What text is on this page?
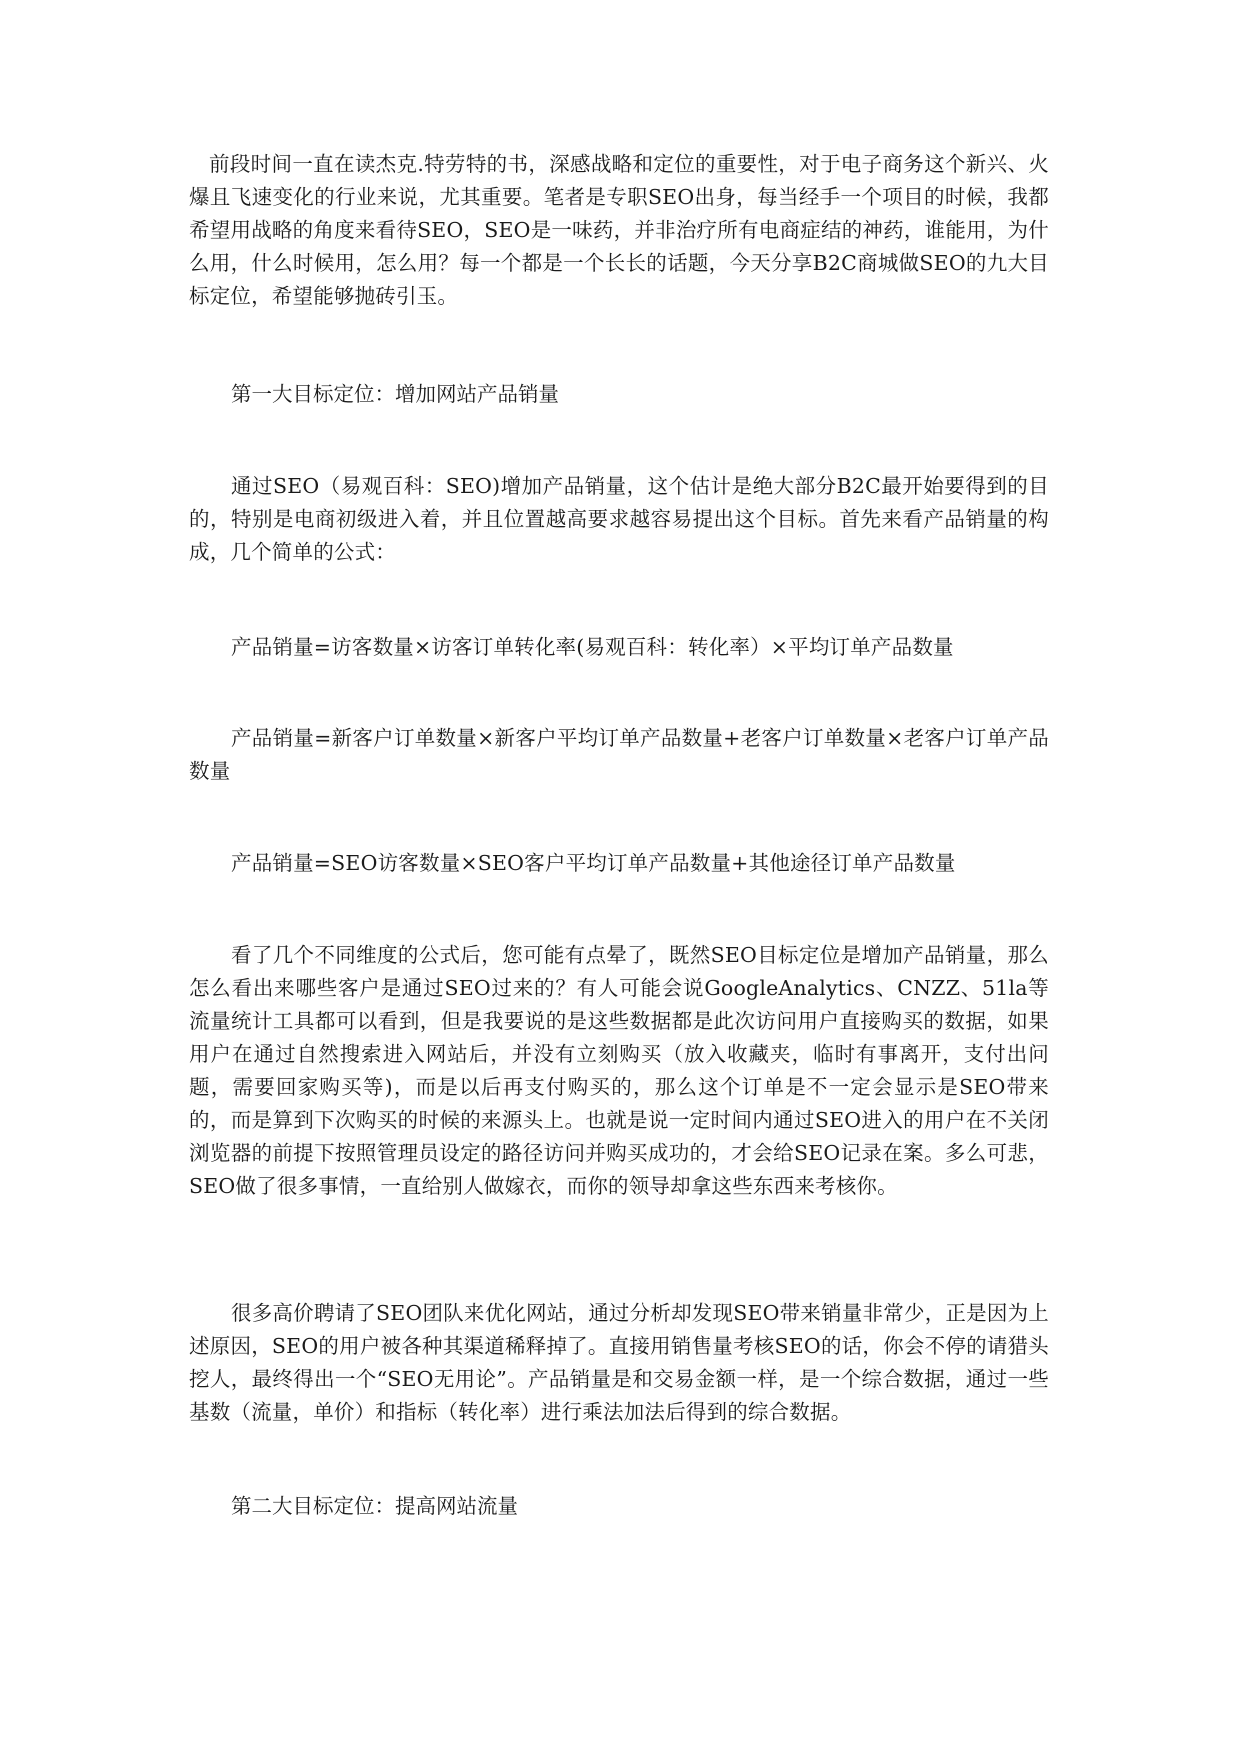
前段时间一直在读杰克.特劳特的书，深感战略和定位的重要性，对于电子商务这个新兴、火爆且飞速变化的行业来说，尤其重要。笔者是专职SEO出身，每当经手一个项目的时候，我都希望用战略的角度来看待SEO，SEO是一味药，并非治疗所有电商症结的神药，谁能用，为什么用，什么时候用，怎么用？每一个都是一个长长的话题，今天分享B2C商城做SEO的九大目标定位，希望能够抛砖引玉。

第一大目标定位：增加网站产品销量

通过SEO（易观百科：SEO)增加产品销量，这个估计是绝大部分B2C最开始要得到的目的，特别是电商初级进入着，并且位置越高要求越容易提出这个目标。首先来看产品销量的构成，几个简单的公式：

产品销量=访客数量×访客订单转化率(易观百科：转化率）×平均订单产品数量

产品销量=新客户订单数量×新客户平均订单产品数量+老客户订单数量×老客户订单产品数量

产品销量=SEO访客数量×SEO客户平均订单产品数量+其他途径订单产品数量

看了几个不同维度的公式后，您可能有点晕了，既然SEO目标定位是增加产品销量，那么怎么看出来哪些客户是通过SEO过来的？有人可能会说GoogleAnalytics、CNZZ、51la等流量统计工具都可以看到，但是我要说的是这些数据都是此次访问用户直接购买的数据，如果用户在通过自然搜索进入网站后，并没有立刻购买（放入收藏夹，临时有事离开，支付出问题，需要回家购买等)，而是以后再支付购买的，那么这个订单是不一定会显示是SEO带来的，而是算到下次购买的时候的来源头上。也就是说一定时间内通过SEO进入的用户在不关闭浏览器的前提下按照管理员设定的路径访问并购买成功的，才会给SEO记录在案。多么可悲，SEO做了很多事情，一直给别人做嫁衣，而你的领导却拿这些东西来考核你。

很多高价聘请了SEO团队来优化网站，通过分析却发现SEO带来销量非常少，正是因为上述原因，SEO的用户被各种其渠道稀释掉了。直接用销售量考核SEO的话，你会不停的请猎头挖人，最终得出一个“SEO无用论”。产品销量是和交易金额一样，是一个综合数据，通过一些基数（流量，单价）和指标（转化率）进行乘法加法后得到的综合数据。

第二大目标定位：提高网站流量
